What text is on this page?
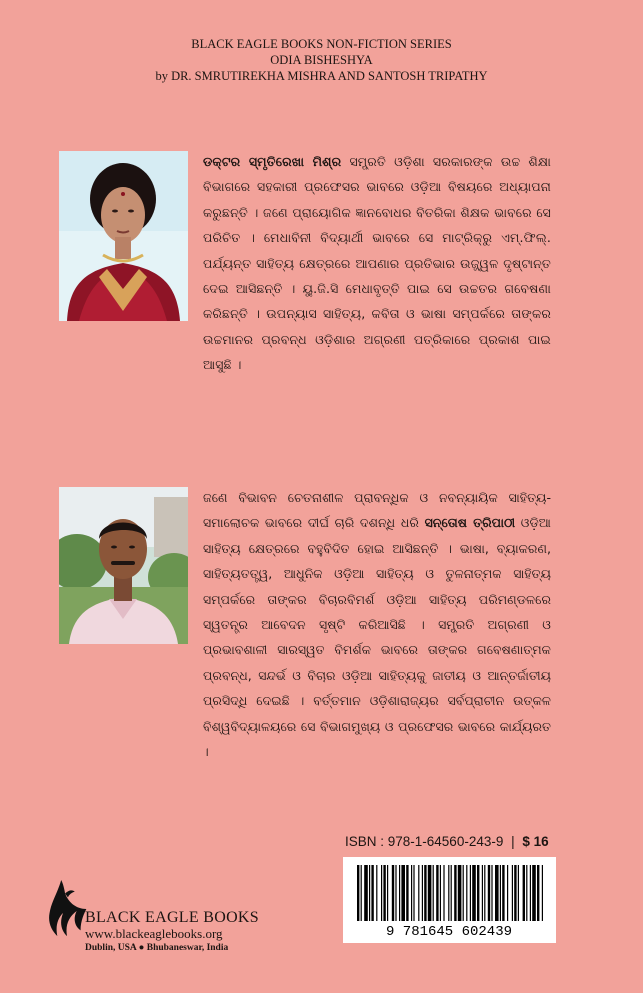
BLACK EAGLE BOOKS NON-FICTION SERIES
ODIA BISHESHYA
by DR. SMRUTIREKHA MISHRA AND SANTOSH TRIPATHY
ଡକ୍ଟର ସ୍ମୃତିରେଖା ମିଶ୍ର ସମ୍ପ୍ରତି ଓଡ଼ିଶା ସରକାରଙ୍କ ଉଚ୍ଚ ଶିକ୍ଷା ବିଭାଗରେ ସହକାରୀ ପ୍ରଫେସର ଭାବରେ ଓଡ଼ିଆ ବିଷୟରେ ଅଧ୍ୟାପନା କରୁଛନ୍ତି । ଜଣେ ପ୍ରାୟୋଗିକ ଜ୍ଞାନବୋଧର ବିତରିକା ଶିକ୍ଷକ ଭାବରେ ସେ ପରିଚିତ । ମେଧାବିନୀ ବିଦ୍ୟାର୍ଥୀ ଭାବରେ ସେ ମାଟ୍ରିକ୍‌ରୁ ଏମ୍.ଫିଲ୍. ପର୍ଯ୍ୟନ୍ତ ସାହିତ୍ୟ କ୍ଷେତ୍ରରେ ଆପଣାର ପ୍ରତିଭାର ଉଜ୍ଜ୍ୱଳ ଦୃଷ୍ଟାନ୍ତ ଦେଇ ଆସିଛନ୍ତି । ୟୁ.ଜି.ସି ମେଧାବୃତ୍ତି ପାଇ ସେ ଉଚ୍ଚତର ଗବେଷଣା କରିଛନ୍ତି । ଉପନ୍ୟାସ ସାହିତ୍ୟ, କବିତା ଓ ଭାଷା ସମ୍ପର୍କରେ ତାଙ୍କର ଉଚ୍ଚମାନର ପ୍ରବନ୍ଧ ଓଡ଼ିଶାର ଅଗ୍ରଣୀ ପତ୍ରିକାରେ ପ୍ରକାଶ ପାଇ ଆସୁଛି ।
ଜଣେ ବିଭାବନ ଚେତନାଶୀଳ ପ୍ରାବନ୍ଧିକ ଓ ନବନ୍ୟାୟିକ ସାହିତ୍ୟ- ସମାଲୋଚକ ଭାବରେ ଦୀର୍ଘ ଚାରି ଦଶନ୍ଧି ଧରି ସନ୍ତୋଷ ତ୍ରିପାଠୀ ଓଡ଼ିଆ ସାହିତ୍ୟ କ୍ଷେତ୍ରରେ ବହୁବିଦିତ ହୋଇ ଆସିଛନ୍ତି । ଭାଷା, ବ୍ୟାକରଣ, ସାହିତ୍ୟତତ୍ତ୍ୱ, ଆଧୁନିକ ଓଡ଼ିଆ ସାହିତ୍ୟ ଓ ତୁଳନାତ୍ମକ ସାହିତ୍ୟ ସମ୍ପର୍କରେ ତାଙ୍କର ବିଚାରବିମର୍ଶ ଓଡ଼ିଆ ସାହିତ୍ୟ ପରିମଣ୍ଡଳରେ ସ୍ୱତନ୍ତ୍ର ଆବେଦନ ସୃଷ୍ଟି କରିଆସିଛି । ସମ୍ପ୍ରତି ଅଗ୍ରଣୀ ଓ ପ୍ରଭାବଶାଳୀ ସାରସ୍ୱତ ବିମର୍ଶକ ଭାବରେ ତାଙ୍କର ଗବେଷଣାତ୍ମକ ପ୍ରବନ୍ଧ, ସନ୍ଦର୍ଭ ଓ ବିଚାର ଓଡ଼ିଆ ସାହିତ୍ୟକୁ ଜାତୀୟ ଓ ଆନ୍ତର୍ଜାତୀୟ ପ୍ରସିଦ୍ଧି ଦେଇଛି । ବର୍ତ୍ତମାନ ଓଡ଼ିଶାରାଜ୍ୟର ସର୍ବପ୍ରାଚୀନ ଉତ୍କଳ ବିଶ୍ୱବିଦ୍ୟାଳୟରେ ସେ ବିଭାଗମୁଖ୍ୟ ଓ ପ୍ରଫେସର ଭାବରେ କାର୍ଯ୍ୟରତ ।
ISBN : 978-1-64560-243-9 | $ 16
9 781645 602439
BLACK EAGLE BOOKS
www.blackeaglebooks.org
Dublin, USA ● Bhubaneswar, India
